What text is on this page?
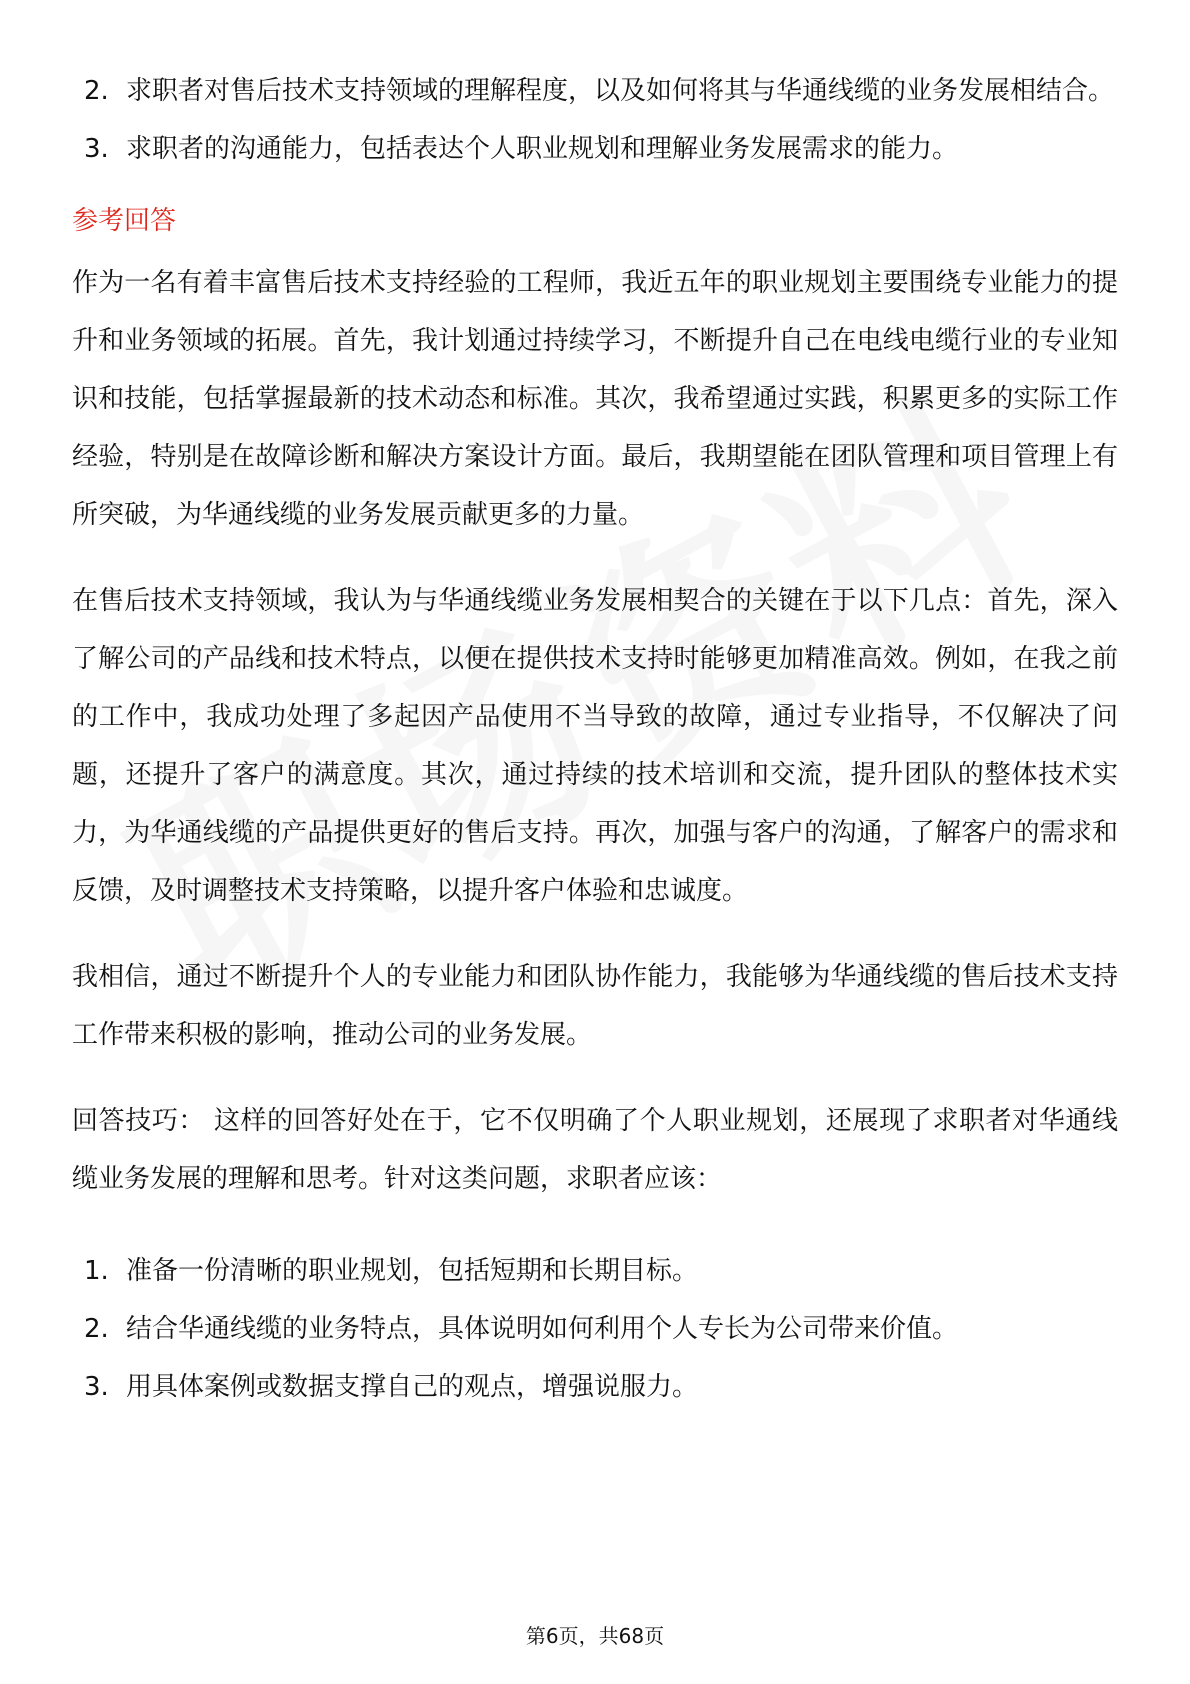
2. 求职者对售后技术支持领域的理解程度，以及如何将其与华通线缆的业务发展相结合。
3. 求职者的沟通能力，包括表达个人职业规划和理解业务发展需求的能力。
参考回答

作为一名有着丰富售后技术支持经验的工程师，我近五年的职业规划主要围绕专业能力的提升和业务领域的拓展。首先，我计划通过持续学习，不断提升自己在电线电缆行业的专业知识和技能，包括掌握最新的技术动态和标准。其次，我希望通过实践，积累更多的实际工作经验，特别是在故障诊断和解决方案设计方面。最后，我期望能在团队管理和项目管理上有所突破，为华通线缆的业务发展贡献更多的力量。

在售后技术支持领域，我认为与华通线缆业务发展相契合的关键在于以下几点：首先，深入了解公司的产品线和技术特点，以便在提供技术支持时能够更加精准高效。例如，在我之前的工作中，我成功处理了多起因产品使用不当导致的故障，通过专业指导，不仅解决了问题，还提升了客户的满意度。其次，通过持续的技术培训和交流，提升团队的整体技术实力，为华通线缆的产品提供更好的售后支持。再次，加强与客户的沟通，了解客户的需求和反馈，及时调整技术支持策略，以提升客户体验和忠诚度。

我相信，通过不断提升个人的专业能力和团队协作能力，我能够为华通线缆的售后技术支持工作带来积极的影响，推动公司的业务发展。

回答技巧： 这样的回答好处在于，它不仅明确了个人职业规划，还展现了求职者对华通线缆业务发展的理解和思考。针对这类问题，求职者应该：

1. 准备一份清晰的职业规划，包括短期和长期目标。
2. 结合华通线缆的业务特点，具体说明如何利用个人专长为公司带来价值。
3. 用具体案例或数据支撑自己的观点，增强说服力。
第6页，共68页
